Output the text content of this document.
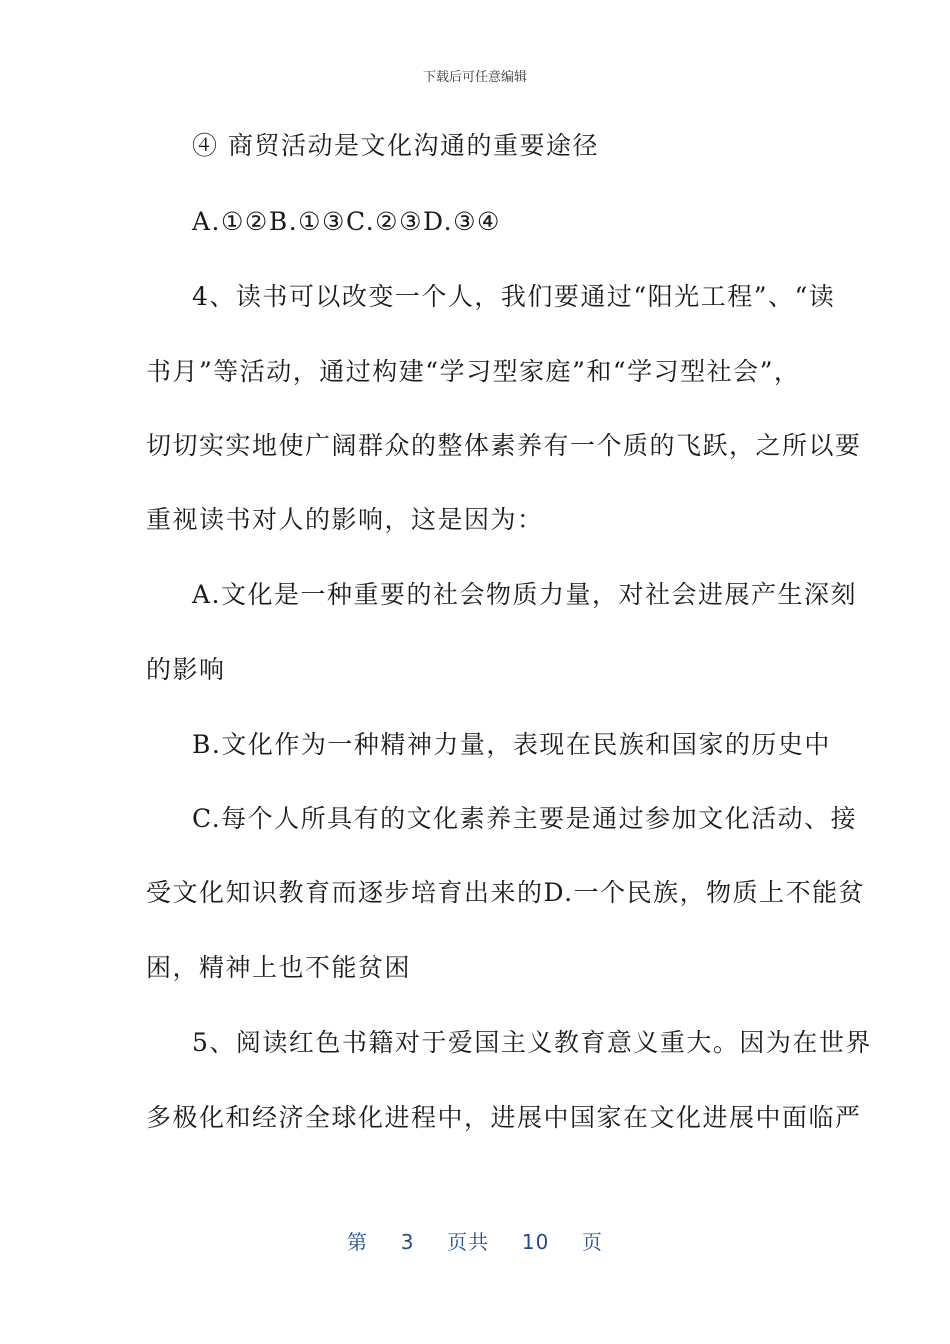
下载后可任意编辑
④ 商贸活动是文化沟通的重要途径
A.①②B.①③C.②③D.③④
4、读书可以改变一个人，我们要通过“阳光工程”、“读
书月”等活动，通过构建“学习型家庭”和“学习型社会”，
切切实实地使广阔群众的整体素养有一个质的飞跃，之所以要
重视读书对人的影响，这是因为：
A.文化是一种重要的社会物质力量，对社会进展产生深刻
的影响
B.文化作为一种精神力量，表现在民族和国家的历史中
C.每个人所具有的文化素养主要是通过参加文化活动、接
受文化知识教育而逐步培育出来的D.一个民族，物质上不能贫
困，精神上也不能贫困
5、阅读红色书籍对于爱国主义教育意义重大。因为在世界
多极化和经济全球化进程中，进展中国家在文化进展中面临严
第 3 页共 10 页
